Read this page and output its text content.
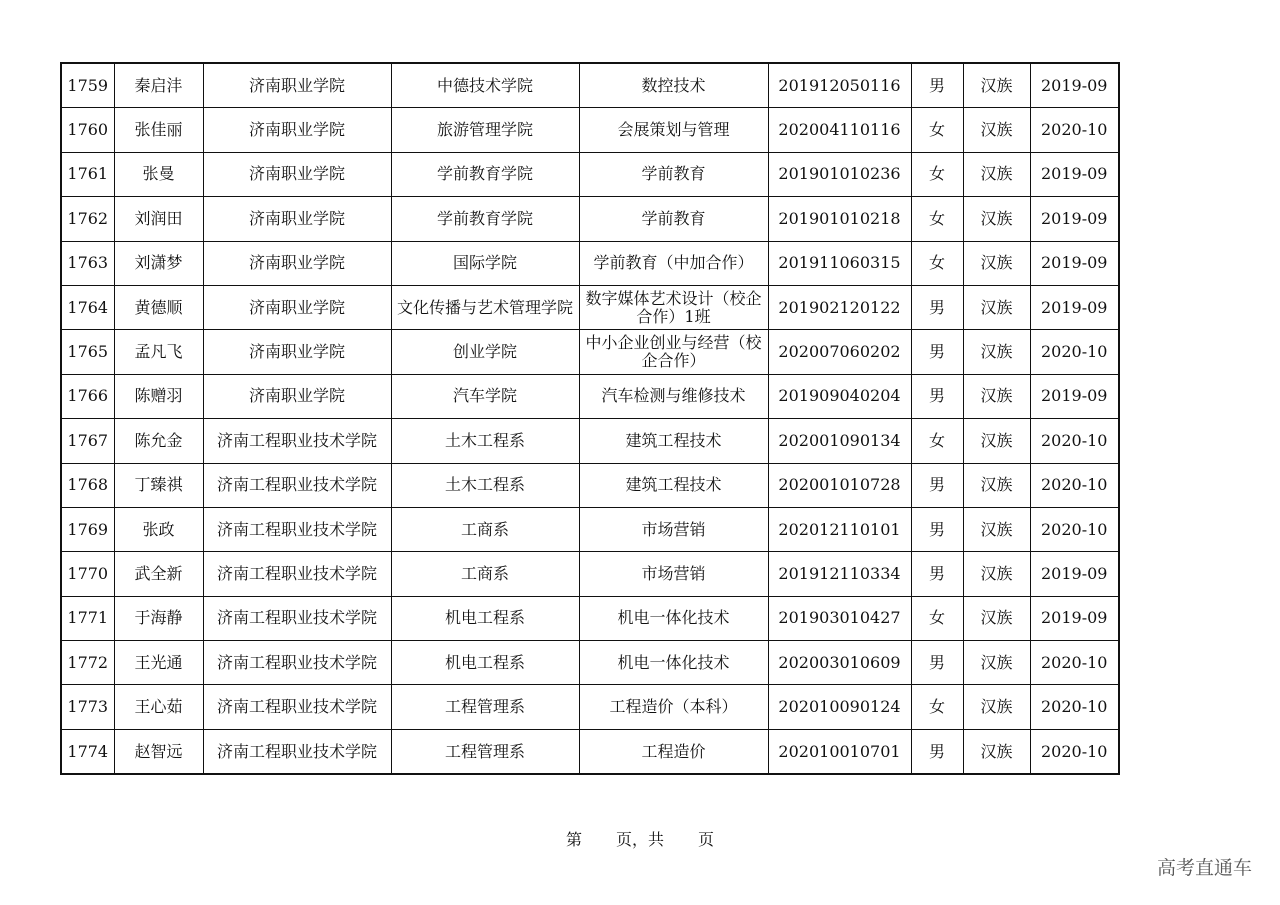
1759	秦启沣	济南职业学院	中德技术学院	数控技术	201912050116	男	汉族	2019-09
1760	张佳丽	济南职业学院	旅游管理学院	会展策划与管理	202004110116	女	汉族	2020-10
1761	张曼	济南职业学院	学前教育学院	学前教育	201901010236	女	汉族	2019-09
1762	刘润田	济南职业学院	学前教育学院	学前教育	201901010218	女	汉族	2019-09
1763	刘潇梦	济南职业学院	国际学院	学前教育（中加合作）	201911060315	女	汉族	2019-09
1764	黄德顺	济南职业学院	文化传播与艺术管理学院	数字媒体艺术设计（校企合作）1班	201902120122	男	汉族	2019-09
1765	孟凡飞	济南职业学院	创业学院	中小企业创业与经营（校企合作）	202007060202	男	汉族	2020-10
1766	陈赠羽	济南职业学院	汽车学院	汽车检测与维修技术	201909040204	男	汉族	2019-09
1767	陈允金	济南工程职业技术学院	土木工程系	建筑工程技术	202001090134	女	汉族	2020-10
1768	丁臻祺	济南工程职业技术学院	土木工程系	建筑工程技术	202001010728	男	汉族	2020-10
1769	张政	济南工程职业技术学院	工商系	市场营销	202012110101	男	汉族	2020-10
1770	武全新	济南工程职业技术学院	工商系	市场营销	201912110334	男	汉族	2019-09
1771	于海静	济南工程职业技术学院	机电工程系	机电一体化技术	201903010427	女	汉族	2019-09
1772	王光通	济南工程职业技术学院	机电工程系	机电一体化技术	202003010609	男	汉族	2020-10
1773	王心茹	济南工程职业技术学院	工程管理系	工程造价（本科）	202010090124	女	汉族	2020-10
1774	赵智远	济南工程职业技术学院	工程管理系	工程造价	202010010701	男	汉族	2020-10
第 页，共 页
高考直通车
